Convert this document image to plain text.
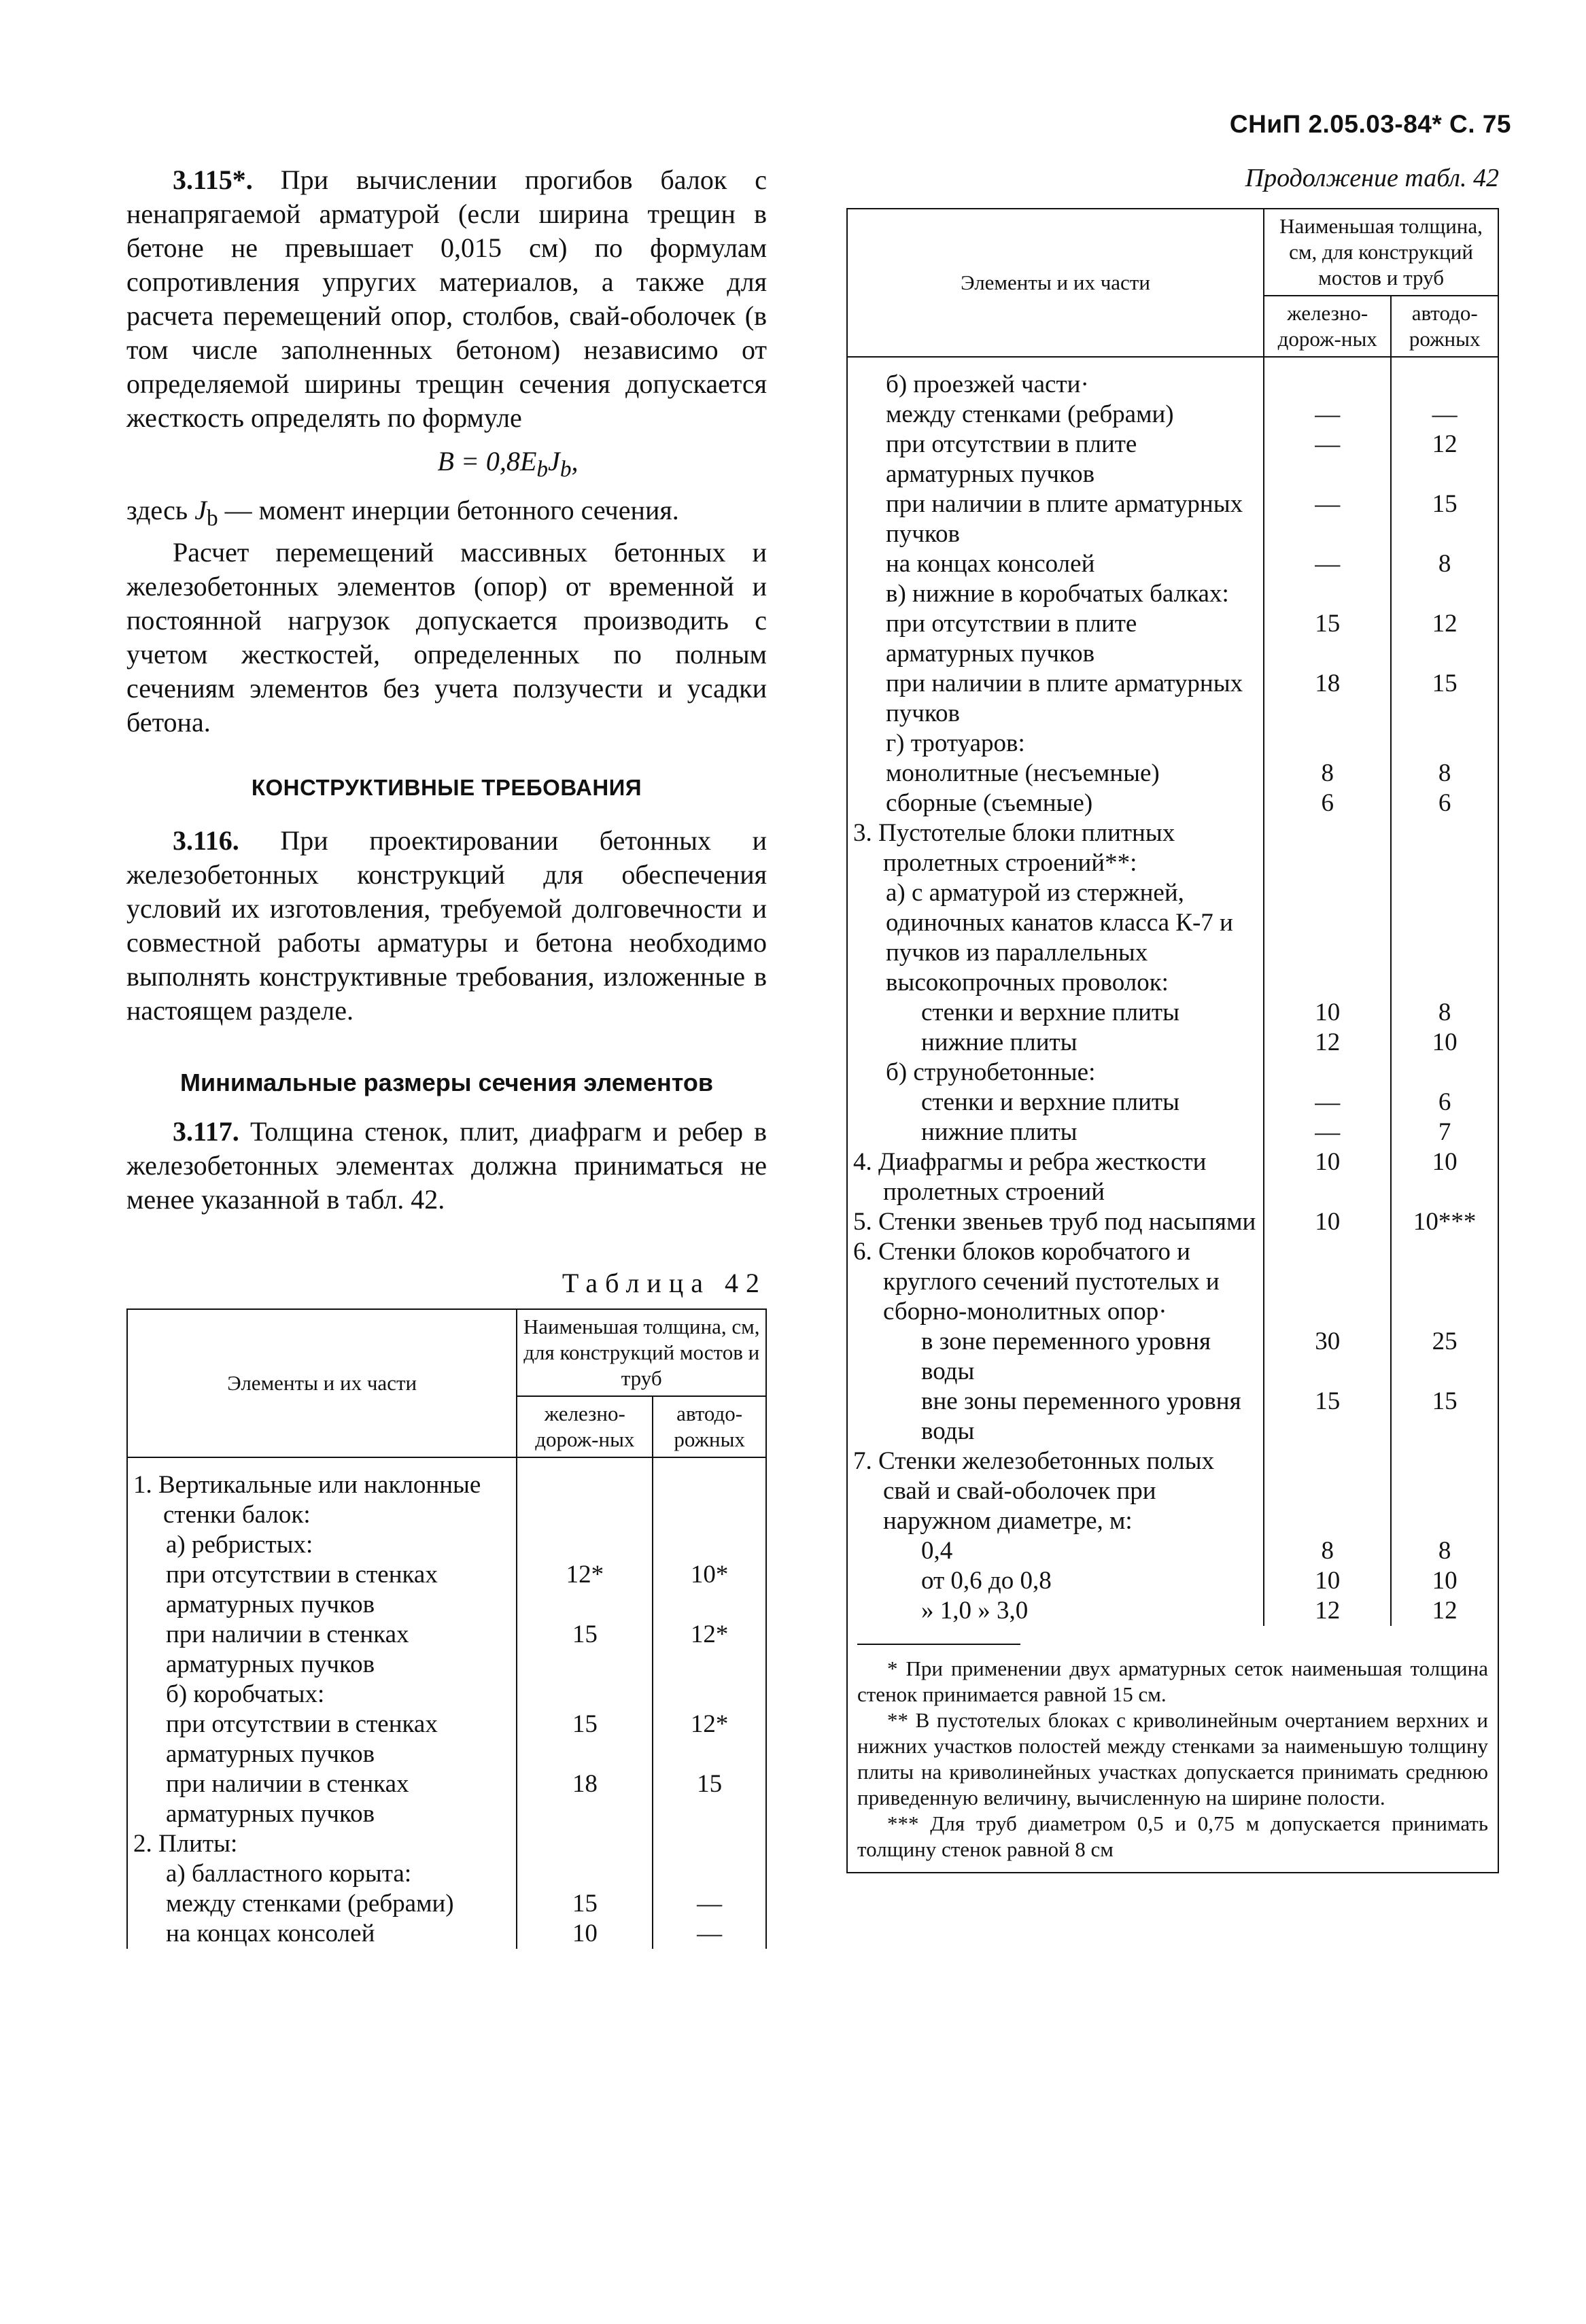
СНиП 2.05.03-84* С. 75

3.115*. При вычислении прогибов балок с ненапрягаемой арматурой (если ширина трещин в бетоне не превышает 0,015 см) по формулам сопротивления упругих материалов, а также для расчета перемещений опор, столбов, свай-оболочек (в том числе заполненных бетоном) независимо от определяемой ширины трещин сечения допускается жесткость определять по формуле

$B = 0,8E_bJ_b$,

здесь $J_b$ — момент инерции бетонного сечения.

Расчет перемещений массивных бетонных и железобетонных элементов (опор) от временной и постоянной нагрузок допускается производить с учетом жесткостей, определенных по полным сечениям элементов без учета ползучести и усадки бетона.

КОНСТРУКТИВНЫЕ ТРЕБОВАНИЯ

3.116. При проектировании бетонных и железобетонных конструкций для обеспечения условий их изготовления, требуемой долговечности и совместной работы арматуры и бетона необходимо выполнять конструктивные требования, изложенные в настоящем разделе.

Минимальные размеры сечения элементов

3.117. Толщина стенок, плит, диафрагм и ребер в железобетонных элементах должна приниматься не менее указанной в табл. 42.

Таблица 42
Элементы и их части	Наименьшая толщина, см, для конструкций мостов и труб	
	железно-дорож-ных	автодо-рожных
1. Вертикальные или наклонные стенки балок:		
а) ребристых:		
при отсутствии в стенках арматурных пучков	12*	10*
при наличии в стенках арматурных пучков	15	12*
б) коробчатых:		
при отсутствии в стенках арматурных пучков	15	12*
при наличии в стенках арматурных пучков	18	15
2. Плиты:		
а) балластного корыта:		
между стенками (ребрами)	15	—
на концах консолей	10	—
Продолжение табл. 42
Элементы и их части	Наименьшая толщина, см, для конструкций мостов и труб	
	железно-дорож-ных	автодо-рожных
б) проезжей части·		
между стенками (ребрами)	—	—
при отсутствии в плите арматурных пучков	—	12
при наличии в плите арматурных пучков	—	15
на концах консолей	—	8
в) нижние в коробчатых балках:		
при отсутствии в плите арматурных пучков	15	12
при наличии в плите арматурных пучков	18	15
г) тротуаров:		
монолитные (несъемные)	8	8
сборные (съемные)	6	6
3. Пустотелые блоки плитных пролетных строений**:		
а) с арматурой из стержней, одиночных канатов класса К-7 и пучков из параллельных высокопрочных проволок:		
стенки и верхние плиты	10	8
нижние плиты	12	10
б) струнобетонные:		
стенки и верхние плиты	—	6
нижние плиты	—	7
4. Диафрагмы и ребра жесткости пролетных строений	10	10
5. Стенки звеньев труб под насыпями	10	10***
6. Стенки блоков коробчатого и круглого сечений пустотелых и сборно-монолитных опор·		
в зоне переменного уровня воды	30	25
вне зоны переменного уровня воды	15	15
7. Стенки железобетонных полых свай и свай-оболочек при наружном диаметре, м:		
0,4	8	8
от 0,6 до 0,8	10	10
» 1,0 » 3,0	12	12

* При применении двух арматурных сеток наименьшая толщина стенок принимается равной 15 см.

** В пустотелых блоках с криволинейным очертанием верхних и нижних участков полостей между стенками за наименьшую толщину плиты на криволинейных участках допускается принимать среднюю приведенную величину, вычисленную на ширине полости.

*** Для труб диаметром 0,5 и 0,75 м допускается принимать толщину стенок равной 8 см
